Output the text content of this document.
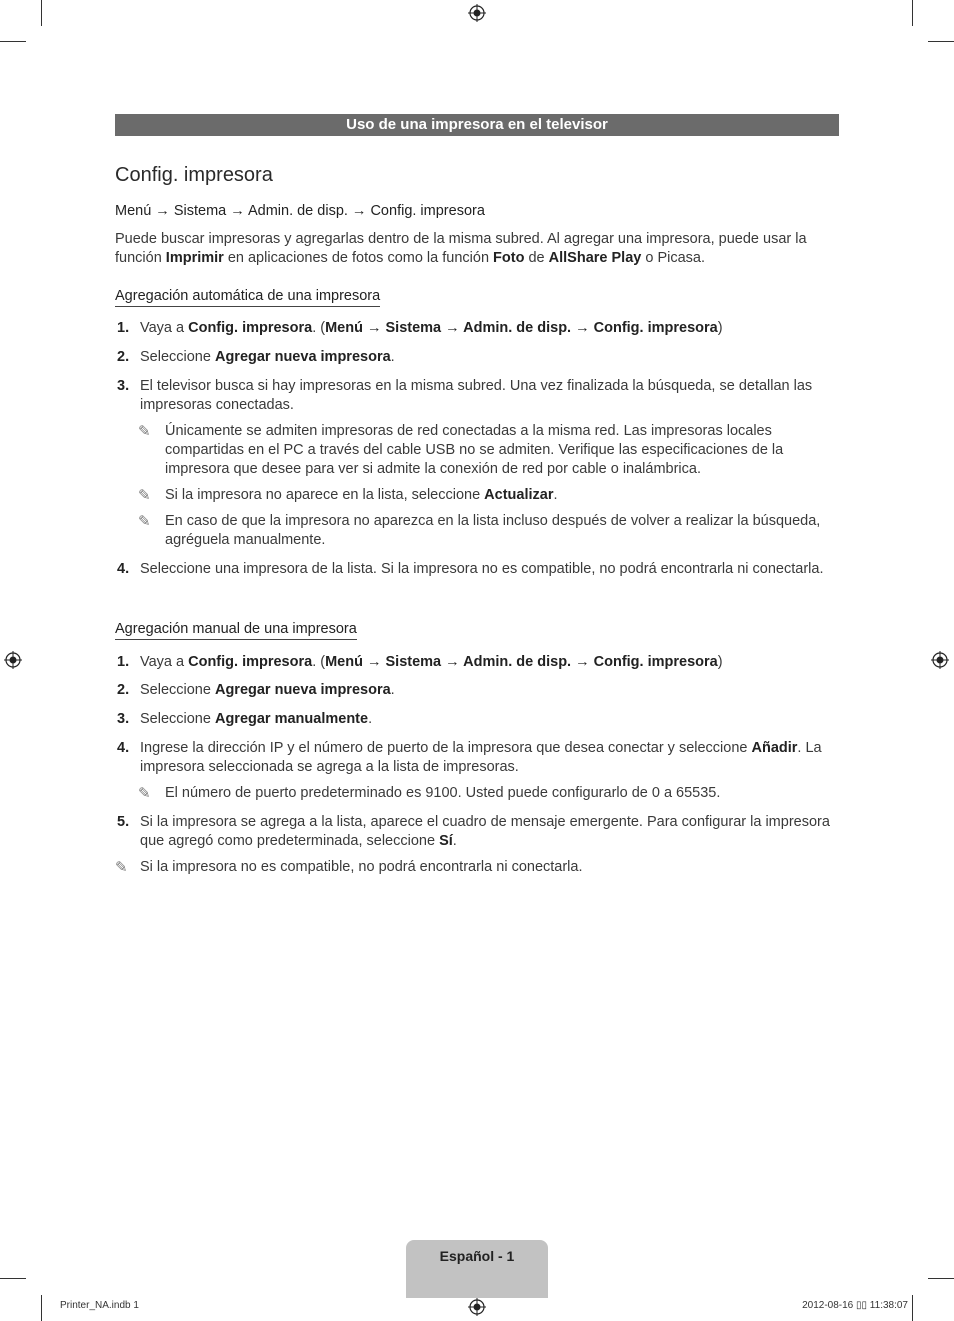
Uso de una impresora en el televisor
Config. impresora
Menú → Sistema → Admin. de disp. → Config. impresora
Puede buscar impresoras y agregarlas dentro de la misma subred. Al agregar una impresora, puede usar la función Imprimir en aplicaciones de fotos como la función Foto de AllShare Play o Picasa.
Agregación automática de una impresora
1. Vaya a Config. impresora. (Menú → Sistema → Admin. de disp. → Config. impresora)
2. Seleccione Agregar nueva impresora.
3. El televisor busca si hay impresoras en la misma subred. Una vez finalizada la búsqueda, se detallan las impresoras conectadas.
✎ Únicamente se admiten impresoras de red conectadas a la misma red. Las impresoras locales compartidas en el PC a través del cable USB no se admiten. Verifique las especificaciones de la impresora que desee para ver si admite la conexión de red por cable o inalámbrica.
✎ Si la impresora no aparece en la lista, seleccione Actualizar.
✎ En caso de que la impresora no aparezca en la lista incluso después de volver a realizar la búsqueda, agréguela manualmente.
4. Seleccione una impresora de la lista. Si la impresora no es compatible, no podrá encontrarla ni conectarla.
Agregación manual de una impresora
1. Vaya a Config. impresora. (Menú → Sistema → Admin. de disp. → Config. impresora)
2. Seleccione Agregar nueva impresora.
3. Seleccione Agregar manualmente.
4. Ingrese la dirección IP y el número de puerto de la impresora que desea conectar y seleccione Añadir. La impresora seleccionada se agrega a la lista de impresoras.
✎ El número de puerto predeterminado es 9100. Usted puede configurarlo de 0 a 65535.
5. Si la impresora se agrega a la lista, aparece el cuadro de mensaje emergente. Para configurar la impresora que agregó como predeterminada, seleccione Sí.
✎ Si la impresora no es compatible, no podrá encontrarla ni conectarla.
Español - 1
Printer_NA.indb 1	2012-08-16 ▯▯ 11:38:07
